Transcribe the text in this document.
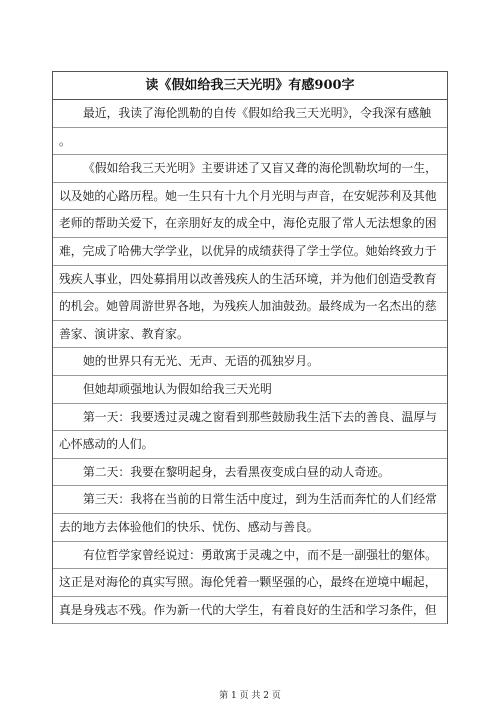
读《假如给我三天光明》有感900字
最近，我读了海伦凯勒的自传《假如给我三天光明》，令我深有感触
。
《假如给我三天光明》主要讲述了又盲又聋的海伦凯勒坎坷的一生，
以及她的心路历程。她一生只有十九个月光明与声音，在安妮莎利及其他
老师的帮助关爱下，在亲朋好友的成全中，海伦克服了常人无法想象的困
难，完成了哈佛大学学业，以优异的成绩获得了学士学位。她始终致力于
残疾人事业，四处募捐用以改善残疾人的生活环境，并为他们创造受教育
的机会。她曾周游世界各地，为残疾人加油鼓劲。最终成为一名杰出的慈
善家、演讲家、教育家。
她的世界只有无光、无声、无语的孤独岁月。
但她却顽强地认为假如给我三天光明
第一天：我要透过灵魂之窗看到那些鼓励我生活下去的善良、温厚与
心怀感动的人们。
第二天：我要在黎明起身，去看黑夜变成白昼的动人奇迹。
第三天：我将在当前的日常生活中度过，到为生活而奔忙的人们经常
去的地方去体验他们的快乐、忧伤、感动与善良。
有位哲学家曾经说过：勇敢寓于灵魂之中，而不是一副强壮的躯体。
这正是对海伦的真实写照。海伦凭着一颗坚强的心，最终在逆境中崛起，
真是身残志不残。作为新一代的大学生，有着良好的生活和学习条件，但
第 1 页 共 2 页
